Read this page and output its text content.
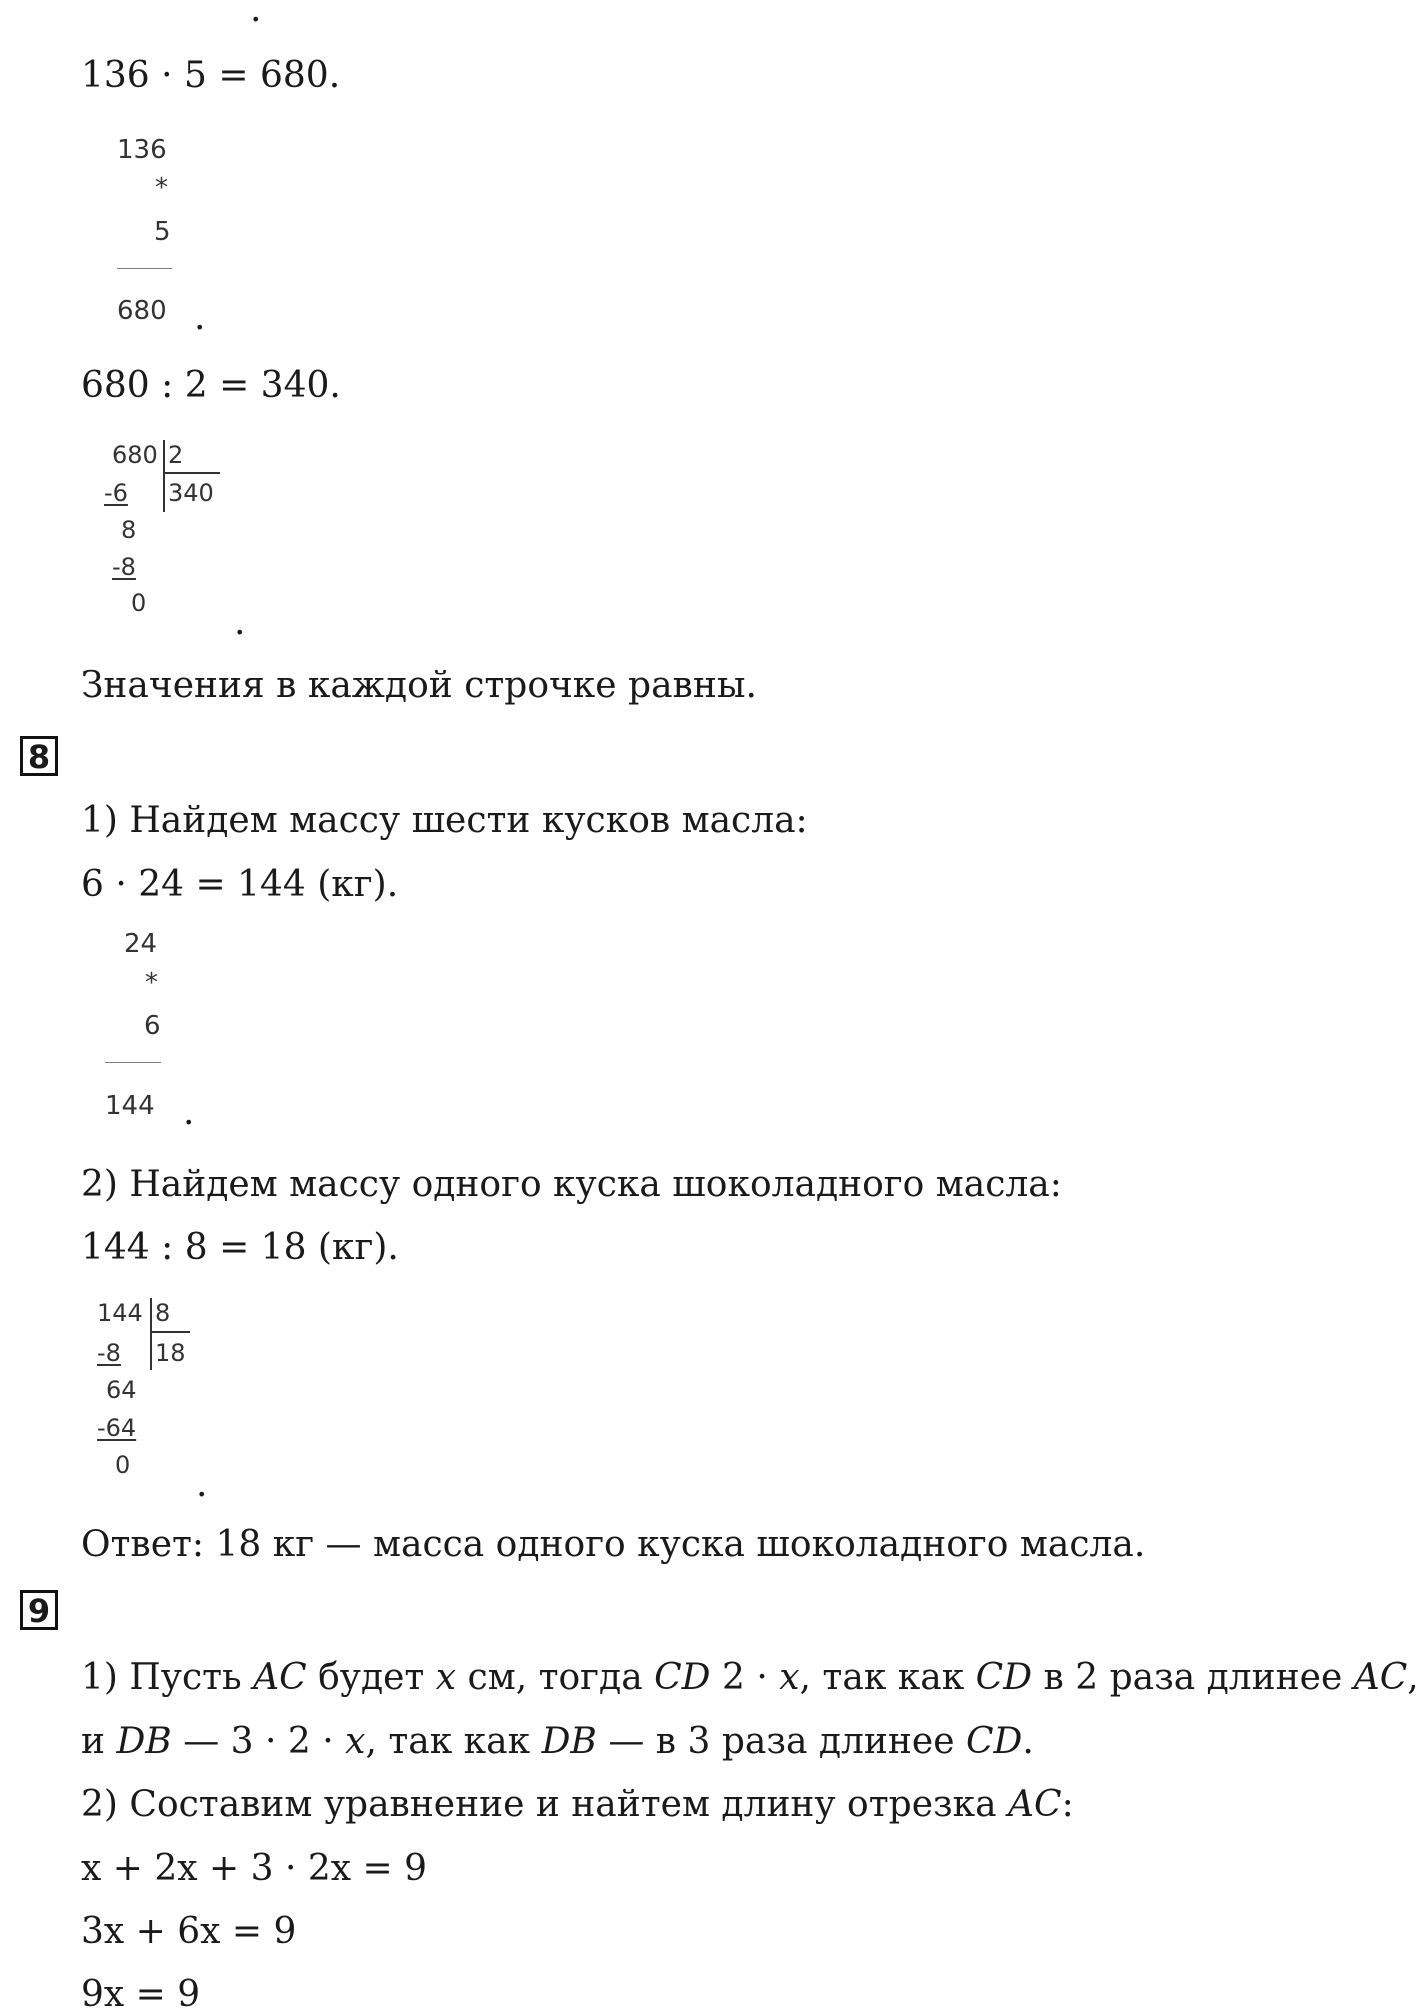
.
136 · 5 = 680.
136
*
5
680 .
680 : 2 = 340.
680 2
340
-6
8
-8
0 .
Значения в каждой строчке равны.
8
1) Найдем массу шести кусков масла:
6 · 24 = 144 (кг).
24
*
6
144 .
2) Найдем массу одного куска шоколадного масла:
144 : 8 = 18 (кг).
144 8
18
-8
64
-64
0 .
Ответ: 18 кг — масса одного куска шоколадного масла.
9
1) Пусть AC будет x см, тогда CD 2 · x, так как CD в 2 раза длинее AC,
и DB — 3 · 2 · x, так как DB — в 3 раза длинее CD.
2) Составим уравнение и найтем длину отрезка AC:
x + 2x + 3 · 2x = 9
3x + 6x = 9
9x = 9
